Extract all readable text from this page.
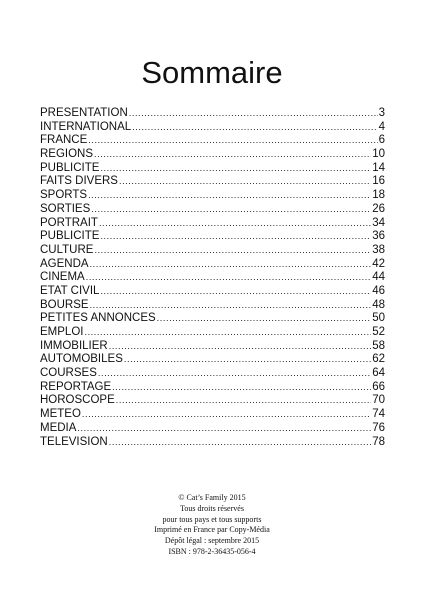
Sommaire
PRÉSENTATION .....	3
INTERNATIONAL .....	4
FRANCE .....	6
RÉGIONS .....	10
PUBLICITÉ .....	14
FAITS DIVERS .....	16
SPORTS .....	18
SORTIES .....	26
PORTRAIT .....	34
PUBLICITÉ .....	36
CULTURE .....	38
AGENDA .....	42
CINÉMA .....	44
ÉTAT CIVIL .....	46
BOURSE .....	48
PETITES ANNONCES .....	50
EMPLOI .....	52
IMMOBILIER .....	58
AUTOMOBILES .....	62
COURSES .....	64
REPORTAGE .....	66
HOROSCOPE .....	70
MÉTÉO .....	74
MÉDIA .....	76
TÉLÉVISION .....	78
© Cat’s Family 2015
Tous droits réservés
pour tous pays et tous supports
Imprimé en France par Copy-Média
Dépôt légal : septembre 2015
ISBN : 978-2-36435-056-4
